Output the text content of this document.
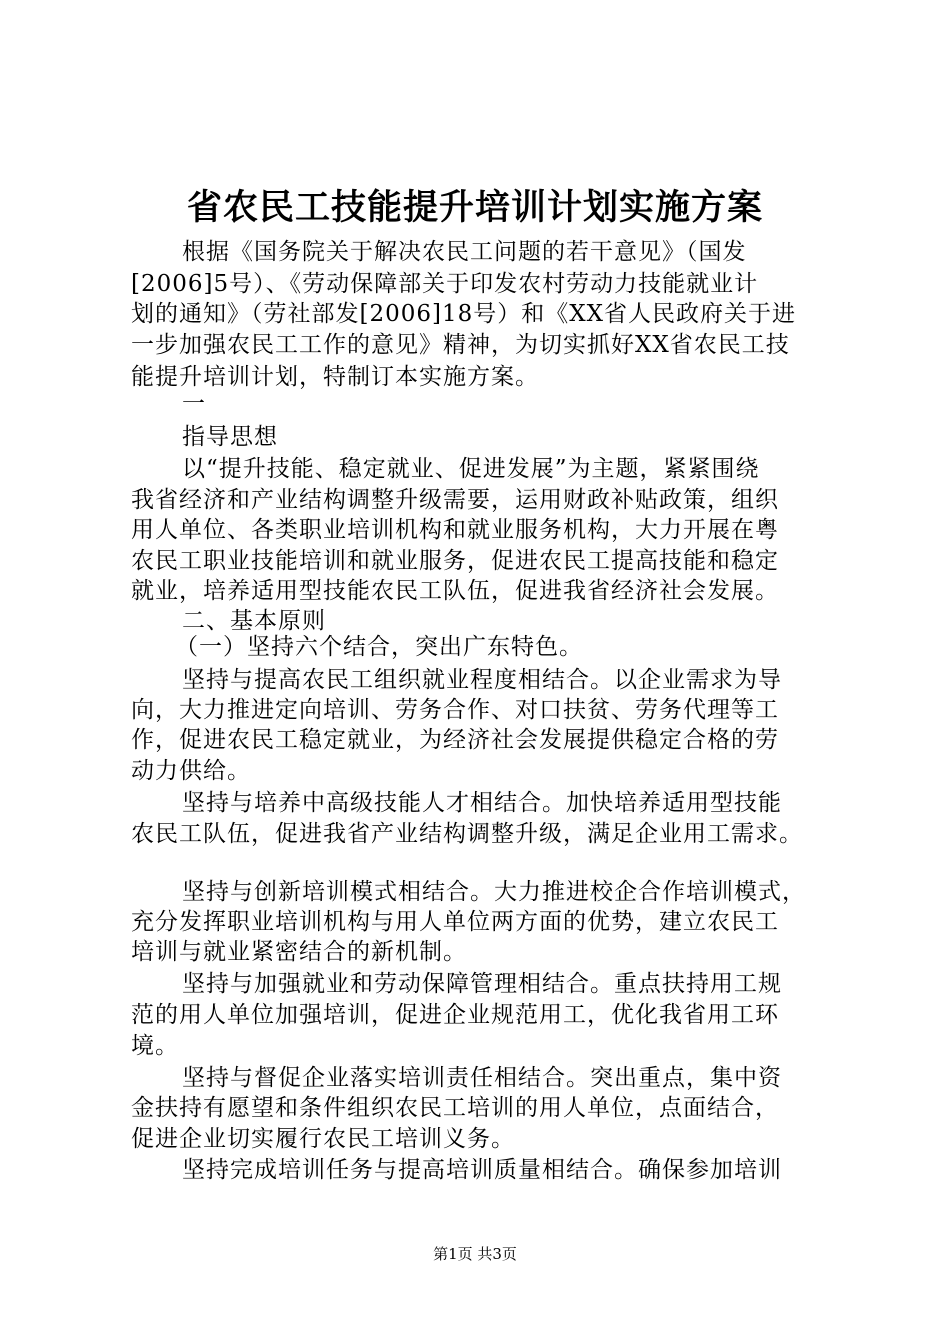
省农民工技能提升培训计划实施方案
根据《国务院关于解决农民工问题的若干意见》（国发
[2006]5号）、《劳动保障部关于印发农村劳动力技能就业计
划的通知》（劳社部发[2006]18号）和《XX省人民政府关于进
一步加强农民工工作的意见》精神，为切实抓好XX省农民工技
能提升培训计划，特制订本实施方案。
一
指导思想
以“提升技能、稳定就业、促进发展”为主题，紧紧围绕
我省经济和产业结构调整升级需要，运用财政补贴政策，组织
用人单位、各类职业培训机构和就业服务机构，大力开展在粤
农民工职业技能培训和就业服务，促进农民工提高技能和稳定
就业，培养适用型技能农民工队伍，促进我省经济社会发展。
二、基本原则
（一）坚持六个结合，突出广东特色。
坚持与提高农民工组织就业程度相结合。以企业需求为导
向，大力推进定向培训、劳务合作、对口扶贫、劳务代理等工
作，促进农民工稳定就业，为经济社会发展提供稳定合格的劳
动力供给。
坚持与培养中高级技能人才相结合。加快培养适用型技能
农民工队伍，促进我省产业结构调整升级，满足企业用工需求。
坚持与创新培训模式相结合。大力推进校企合作培训模式，
充分发挥职业培训机构与用人单位两方面的优势，建立农民工
培训与就业紧密结合的新机制。
坚持与加强就业和劳动保障管理相结合。重点扶持用工规
范的用人单位加强培训，促进企业规范用工，优化我省用工环
境。
坚持与督促企业落实培训责任相结合。突出重点，集中资
金扶持有愿望和条件组织农民工培训的用人单位，点面结合，
促进企业切实履行农民工培训义务。
坚持完成培训任务与提高培训质量相结合。确保参加培训
第1页 共3页
